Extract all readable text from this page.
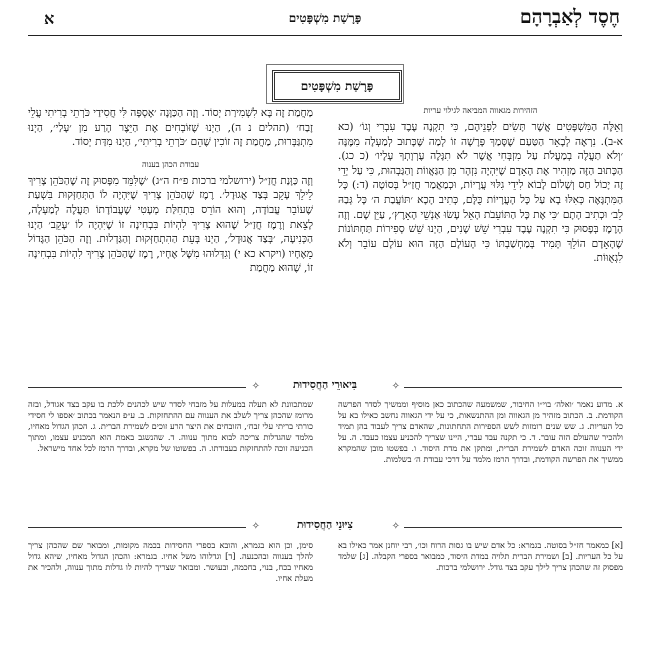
חֶסֶד לְאַבְרָהָם
פָּרָשַׁת מִשְׁפָּטִים
א
פָּרָשַׁת מִשְׁפָּטִים
הזהירות מגאווה המביאה לגילוי עריות

וְאֵלֶּה הַמִּשְׁפָּטִים אֲשֶׁר תָּשִׂים לִפְנֵיהֶם, כִּי תִקְנֶה עֶבֶד עִבְרִי וְגוֹ׳ (כא א-ב). נִרְאֶה לְבָאֵר הַטַּעַם שֶׁסָּמַךְ פָּרָשָׁה זוֹ לְמַה שֶּׁכָּתוּב לְמַעְלָה מִמֶּנָּה ׳וְלֹא תַעֲלֶה בְמַעֲלֹת עַל מִזְבְּחִי אֲשֶׁר לֹא תִגָּלֶה עֶרְוָתְךָ עָלָיו׳ (כ כג). הַכָּתוּב הַזֶּה מַזְהִיר אֶת הָאָדָם שֶׁיִּהְיֶה נִזְהָר מִן הַגַּאֲווֹת וְהַגַּבְהוּת, כִּי עַל יְדֵי זֶה יָכוֹל חַס וְשָׁלוֹם לָבוֹא לִידֵי גִלּוּי עֲרָיוֹת, וּכְמַאֲמַר חֲזַ״ל בְּסוֹטָה (ד:) כָּל הַמִּתְגָּאֶה כְּאִלּוּ בָא עַל כָּל הָעֲרָיוֹת כֻּלָּם, כְּתִיב הָכָא ׳תּוֹעֲבַת ה׳ כָּל גְּבַהּ לֵב׳ וּכְתִיב הָתָם ׳כִּי אֶת כָּל הַתּוֹעֵבֹת הָאֵל עָשׂוּ אַנְשֵׁי הָאָרֶץ׳, עַיֵּן שָׁם. וְזֶה הָרֶמֶז בְּפָסוּק כִּי תִקְנֶה עֶבֶד עִבְרִי שֵׁשׁ שָׁנִים, הַיְנוּ שֵׁשׁ סְפִירוֹת תַּחְתּוֹנוֹת שֶׁהָאָדָם הוֹלֵךְ תָּמִיד בְּמַחְשַׁבְתּוֹ כִּי הָעוֹלָם הַזֶּה הוּא עוֹלָם עוֹבֵר וְלֹא לִגְאֻוּוֹת.

מַחֲמַת זֶה בָּא לִשְׁמִירַת יְסוֹד. וְזֶה הַכַּוָּנָה ׳אֶסְפָּה לִּי חֲסִידַי כֹּרְתֵי בְרִיתִי עֲלֵי זָבַח׳ (תהלים נ ה), הַיְנוּ שֶׁזּוֹבְחִים אֶת הַיֵּצֶר הָרַע מִן ׳עָלַי׳, הַיְנוּ מִתְגַּבְּרוּת, מַחֲמַת זֶה זוֹכִין שֶׁהֵם ׳כֹּרְתֵי בְרִיתִי׳, הַיְנוּ מִדַּת יְסוֹד.

עבודת הכהן בענוה

וְזֶה כַּוָּנַת חֲזַ״ל (ירושלמי ברכות פ״ח ה״ג) ׳שֶׁלִּמֵּד מִפָּסוּק זֶה שֶׁהַכֹּהֵן צָרִיךְ לֵילֵךְ עָקֵב בְּצַד אֲגוּדָל׳. רֶמֶז שֶׁהַכֹּהֵן צָרִיךְ שֶׁיִּהְיֶה לוֹ הַתְּחַזְּקוּת בִּשְׁעַת שֶׁעוֹבֵר עֲבוֹדָה, וְהוּא הוֹרֵס בִּתְחִלַּת מְעָטִי שֶׁעֲבוֹדָתוֹ תַּעֲלֶה לְמַעְלָה, לָצֵאת וְרֶמֶז חֲזַ״ל שֶׁהוּא צָרִיךְ לִהְיוֹת בִּבְחִינָה זוֹ שֶׁיִּהְיֶה לוֹ ׳עָקֵב׳ הַיְנוּ הַכְּנִיעָה, ׳בְּצַד אֲגוּדָל׳, הַיְנוּ בְּעֵת הַהִתְחַזְּקוּת וְהַגַּדְלוּת. וְזֶה הַכֹּהֵן הַגָּדוֹל מֵאֶחָיו (ויקרא כא י) וְגִדְּלוּהוּ מִשֶּׁל אֶחָיו, רֶמֶז שֶׁהַכֹּהֵן צָרִיךְ לִהְיוֹת בִּבְחִינָה זוֹ, שֶׁהוּא מַחֲמַת

✧
בִּיאוּרֵי הַחֲסִידוּת
✧

א. מדוע נאמר ׳ואלה׳ בוי״ו החיבור, שמשמעה שהכתוב כאן מוסיף וממשיך לסדר הפרשה הקודמת. ב. הכתוב מזהיר מן הגאווה ומן ההתנשאות, כי על ידי הגאווה נחשב כאילו בא על כל העריות. ג. שש שנים רומזות לשש הספירות התחתונות, שהאדם צריך לעבוד בהן תמיד ולהכיר שהעולם הזה עובר. ד. כי תקנה עבד עברי, היינו שצריך להכניע עצמו כעבד. ה. על ידי הענווה זוכה האדם לשמירת הברית, ומתקן את מדת היסוד. ו. בפשטו מובן שהמקרא ממשיך את הפרשה הקודמת, ובדרך הרמז מלמד על דרכי עבודת ה׳ בשלמות.

שמתכוונת לא תעלה במעלות על מזבחי לסדר שיש לכהנים ללכת בו עקב בצד אגודל, ובזה מרומז שהכהן צריך לשלב את הענווה עם ההתחזקות. ב. ע״פ הנאמר בכתוב ׳אספו לי חסידי כורתי בריתי עלי זבח׳, הזובחים את היצר הרע זוכים לשמירת הברית. ג. הכהן הגדול מאחיו, מלמד שהגדלות צריכה לבוא מתוך ענווה. ד. שהנשגב באמת הוא המכניע עצמו, ומתוך הכניעה זוכה להתחזקות בעבודתו. ה. בפשוטו של מקרא, ובדרך הרמז לכל אחד מישראל.

✧
צִיּוּנֵי הַחֲסִידוּת
✧

[א] כמאמר חז״ל בסוטה. בגמרא: כל אדם שיש בו גסות הרוח וכו׳, רבי יוחנן אמר כאילו בא על כל העריות. [ב] ושמירת הברית תלויה במדת היסוד, כמבואר בספרי הקבלה. [ג] שלמד מפסוק זה שהכהן צריך לילך עקב בצד גודל. ירושלמי ברכות.

סימן, וכן הוא בגמרא, והובא בספרי החסידות בכמה מקומות, ומבואר שם שהכהן צריך להלך בענווה ובהכנעה. [ד] וגדלוהו משל אחיו. בגמרא: והכהן הגדול מאחיו, שיהא גדול מאחיו בכח, בנוי, בחכמה, ובעושר. ומבואר שצריך להיות לו גדלות מתוך ענווה, ולהכיר את מעלת אחיו.
